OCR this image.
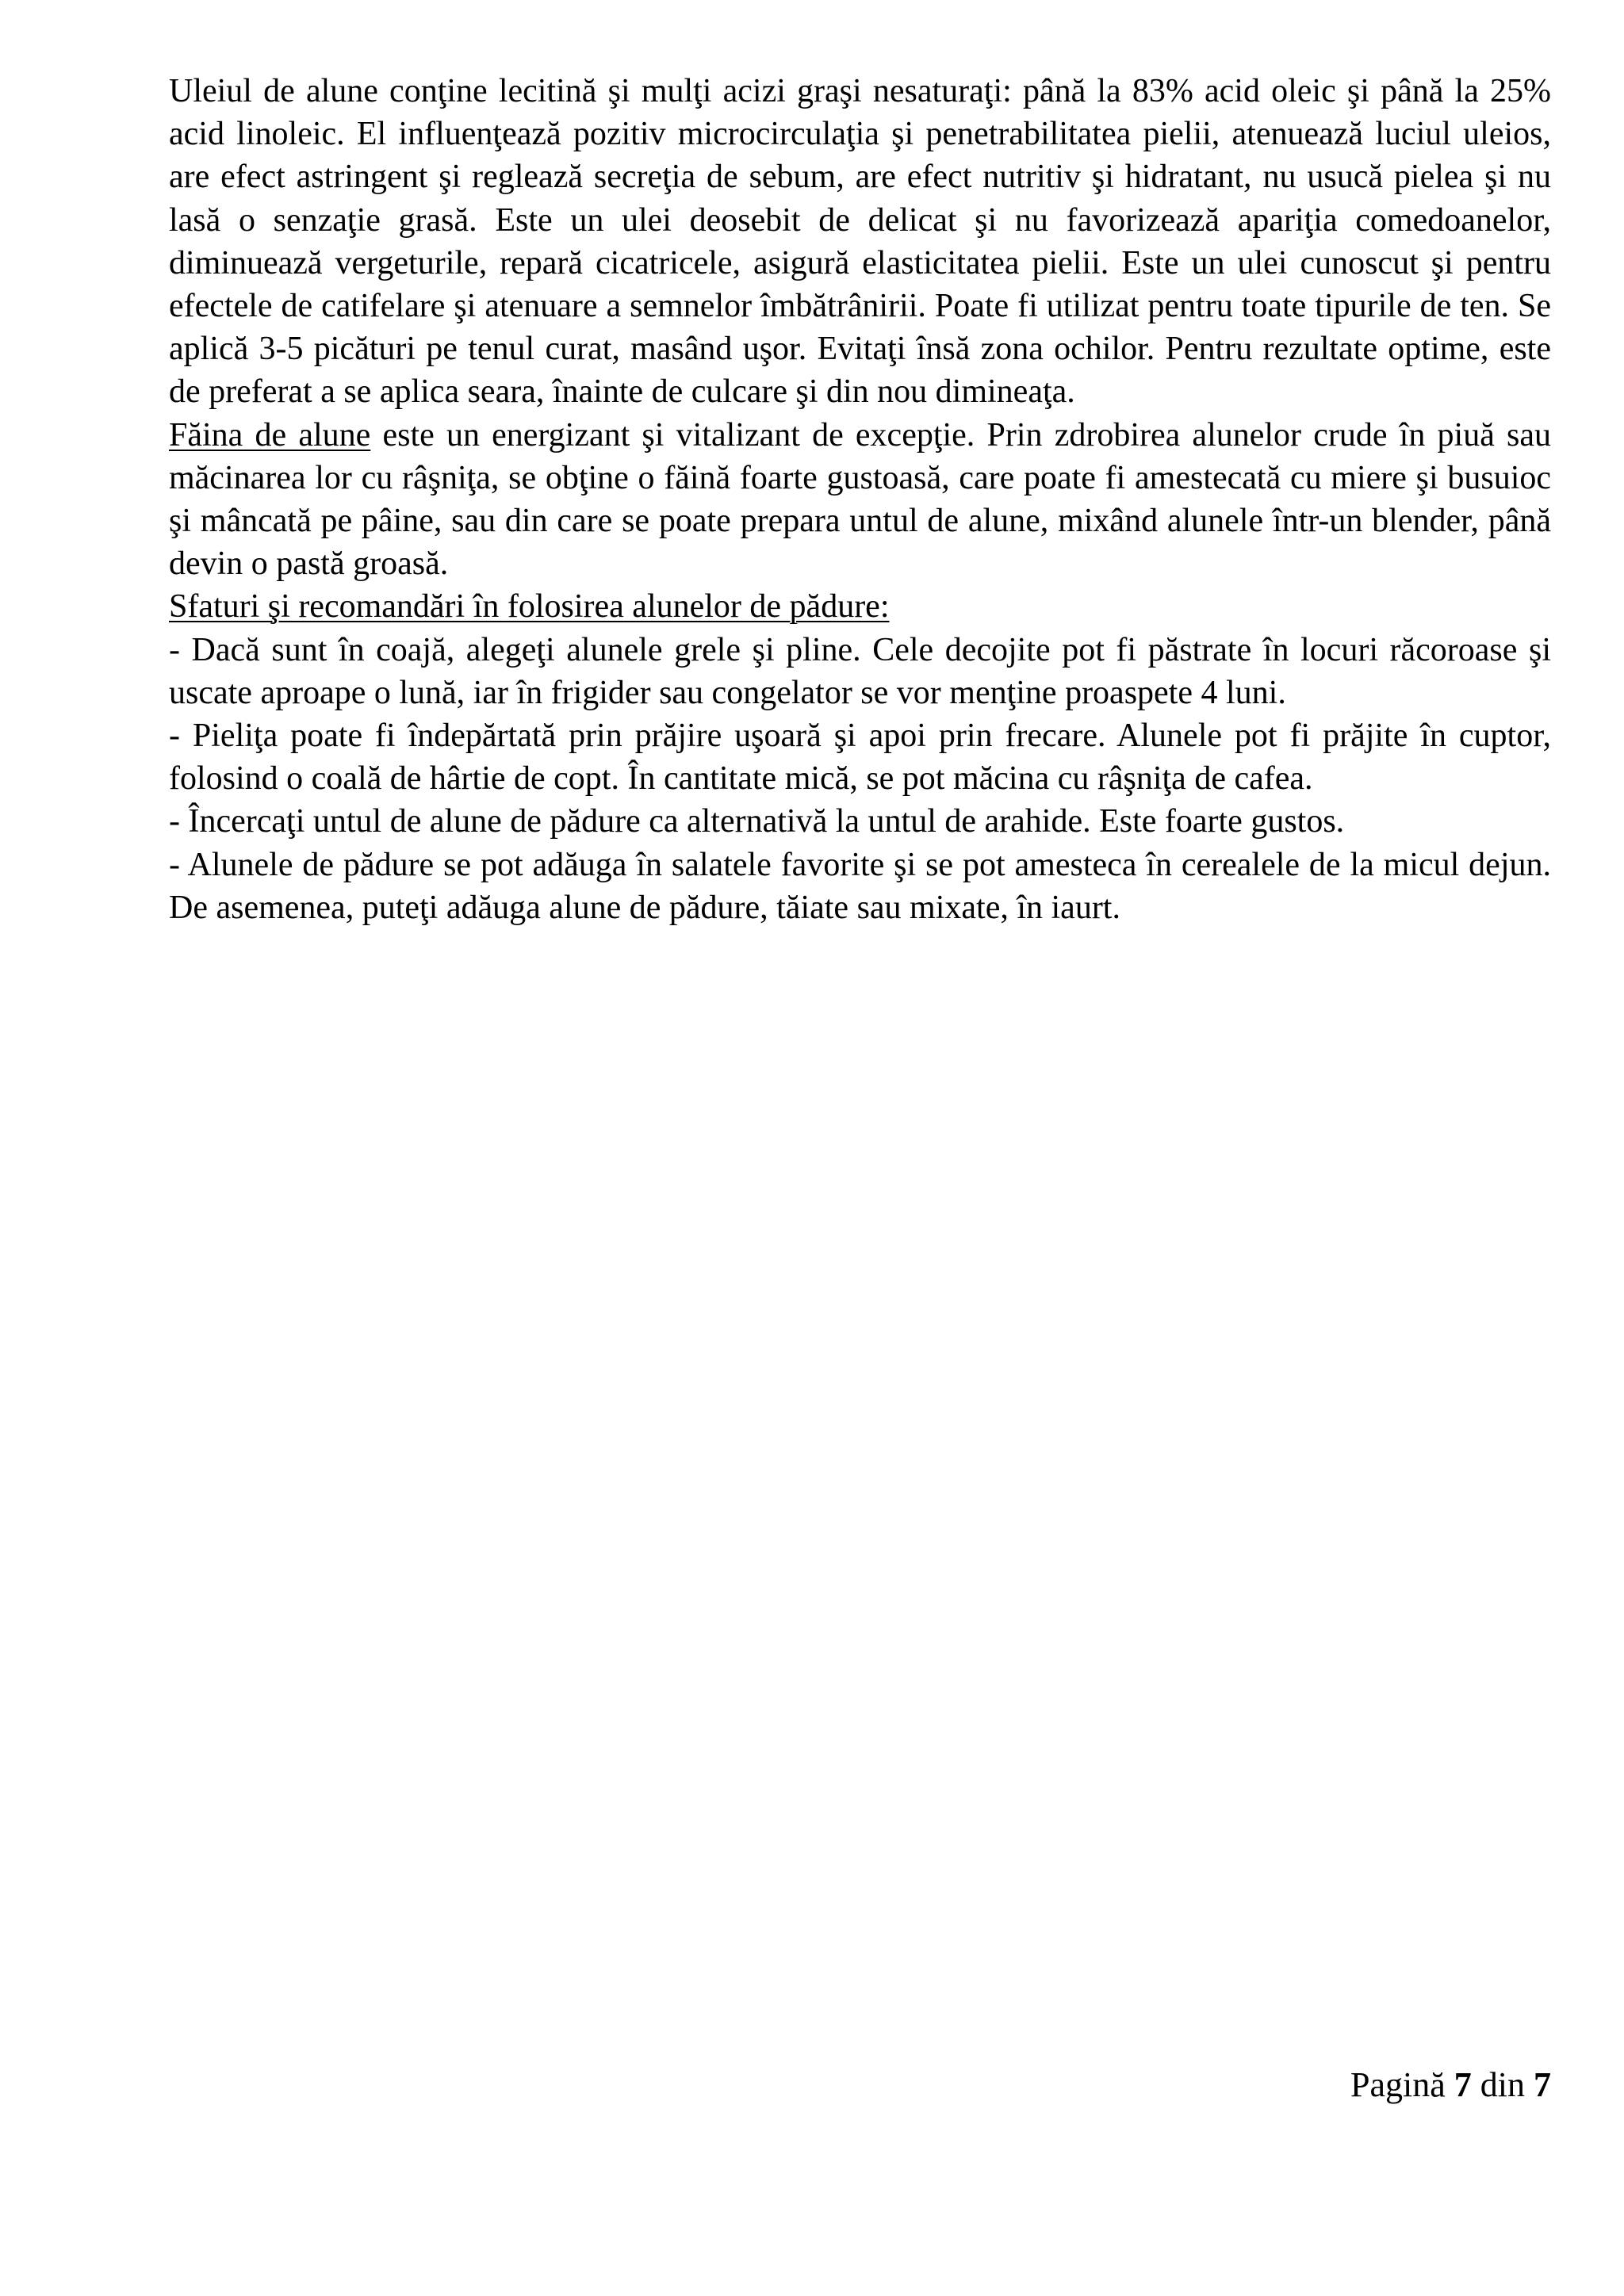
Uleiul de alune conţine lecitină şi mulţi acizi graşi nesaturaţi: până la 83% acid oleic şi până la 25% acid linoleic. El influenţează pozitiv microcirculaţia şi penetrabilitatea pielii, atenuează luciul uleios, are efect astringent şi reglează secreţia de sebum, are efect nutritiv şi hidratant, nu usucă pielea şi nu lasă o senzaţie grasă. Este un ulei deosebit de delicat şi nu favorizează apariţia comedoanelor, diminuează vergeturile, repară cicatricele, asigură elasticitatea pielii. Este un ulei cunoscut şi pentru efectele de catifelare şi atenuare a semnelor îmbătrânirii. Poate fi utilizat pentru toate tipurile de ten. Se aplică 3-5 picături pe tenul curat, masând uşor. Evitaţi însă zona ochilor. Pentru rezultate optime, este de preferat a se aplica seara, înainte de culcare şi din nou dimineaţa.

Făina de alune este un energizant şi vitalizant de excepţie. Prin zdrobirea alunelor crude în piuă sau măcinarea lor cu râşniţa, se obţine o făină foarte gustoasă, care poate fi amestecată cu miere şi busuioc şi mâncată pe pâine, sau din care se poate prepara untul de alune, mixând alunele într-un blender, până devin o pastă groasă.

Sfaturi şi recomandări în folosirea alunelor de pădure:

- Dacă sunt în coajă, alegeţi alunele grele şi pline. Cele decojite pot fi păstrate în locuri răcoroase şi uscate aproape o lună, iar în frigider sau congelator se vor menţine proaspete 4 luni.

- Pieliţa poate fi îndepărtată prin prăjire uşoară şi apoi prin frecare. Alunele pot fi prăjite în cuptor, folosind o coală de hârtie de copt. În cantitate mică, se pot măcina cu râşniţa de cafea.

- Încercaţi untul de alune de pădure ca alternativă la untul de arahide. Este foarte gustos.

- Alunele de pădure se pot adăuga în salatele favorite şi se pot amesteca în cerealele de la micul dejun. De asemenea, puteţi adăuga alune de pădure, tăiate sau mixate, în iaurt.

Pagină 7 din 7
